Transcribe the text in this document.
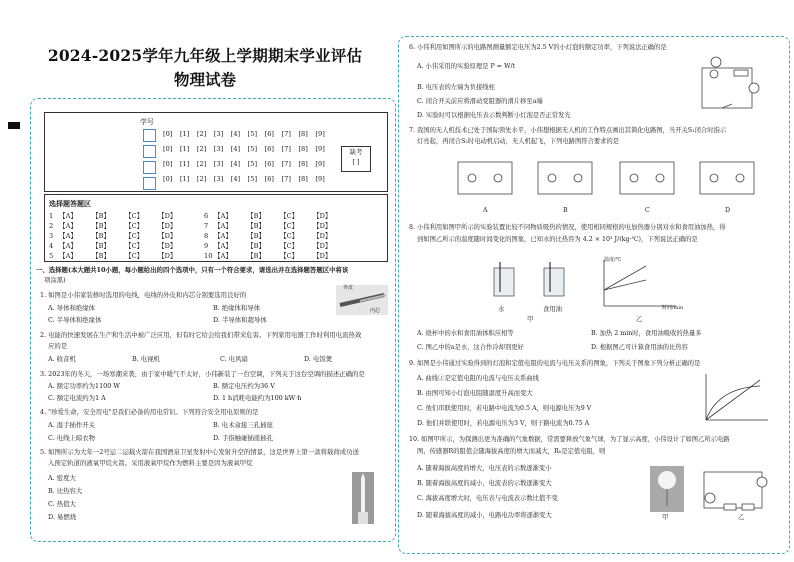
2024-2025学年九年级上学期期末学业评估
物理试卷
学号
[0] [1] [2] [3] [4] [5] [6] [7] [8] [9]
[0] [1] [2] [3] [4] [5] [6] [7] [8] [9]
[0] [1] [2] [3] [4] [5] [6] [7] [8] [9]
[0] [1] [2] [3] [4] [5] [6] [7] [8] [9]
缺考
[ ]
选择题答题区
1 【A】 【B】 【C】 【D】
2 【A】 【B】 【C】 【D】
3 【A】 【B】 【C】 【D】
4 【A】 【B】 【C】 【D】
5 【A】 【B】 【C】 【D】
6 【A】 【B】 【C】 【D】
7 【A】 【B】 【C】 【D】
8 【A】 【B】 【C】 【D】
9 【A】 【B】 【C】 【D】
10 【A】 【B】 【C】 【D】
一、选择题(本大题共10小题，每小题给出的四个选项中，只有一个符合要求，请选出并在选择题答题区中将该
项涂黑)
1. 如图是小伟家装修时选用的电线，电线的外皮和内芯分别要选用良好的
外皮
内芯
A. 导体和绝缘体	B. 绝缘体和导体
C. 半导体和绝缘体	D. 半导体和超导体
2. 电能的快速发展在生产和生活中被广泛应用，但有时它给会给我们带来危害。下列家用电器工作时利用电流热效
应的是
A. 收音机	B. 电视机	C. 电风扇	D. 电饭煲
3. 2023年的冬天，一场寒潮来袭，由于家中暖气不太好，小伟新装了一台空调，下列关于这台空调的描述正确的是
A. 额定功率约为1100 W	B. 额定电压约为36 V
C. 额定电流约为1 A	D. 1 h消耗电能约为100 kW·h
4. "珍爱生命，安全用电"是我们必备的用电常识。下列符合安全用电原则的是
A. 湿手插作开关	B. 电术盒接三孔插座
C. 电线上晾衣物	D. 手指触碰插座插孔
5. 如图所示为大年一2号运二运载火箭在我国酒泉卫星发射中心发射升空的情景，这是世界上第一款将载荷成功送
入预定轨道的液氧甲烷火箭。采用液氧甲烷作为燃料主要是因为液氧甲烷
A. 密度大
B. 比热容大
C. 热值大
D. 易燃烧
6. 小伟利用如图所示的电路图测量额定电压为2.5 V的小灯泡的额定功率，下列说法正确的是
A. 小伟采用的实验原理是 P = W/t
B. 电压表的左端为负接线柱
C. 闭合开关前应将滑动变阻器的滑片移至a端
D. 实验时可以根据电压表示数判断小灯泡是否正常发光
7. 我国的无人机技术已处于国际领先水平，小伟想根据无人机的工作特点画出其简化电路图，当开关S₁闭合时指示
灯亮起，再闭合S₂时电动机启动，无人机起飞，下列电路图符合要求的是
A	B	C	D
8. 小伟利用如图甲所示的实验装置比较不同物质吸热的情况，使用相同规格的电加热器分别对水和食用油加热，得
到如图乙所示的温度随时间变化的图象，已知水的比热容为 4.2 × 10³ J/(kg·℃)，下列说法正确的是
水	食用油
甲
温度/℃
时间/min
乙
A. 烧杯中的水和食用油体积应相等	B. 加热 2 min时，食用油吸收的热量多
C. 图乙中的a是水，这合作冷却剂更好	D. 根据图乙可计算食用油的比热容
9. 如图是小伟通过实验得到的灯泡和定值电阻的电流与电压关系的图象，下列关于图象下列分析正确的是
A. 曲线①是定值电阻的电流与电压关系曲线
B. 由图可知小灯泡电阻随温度升高而变大
C. 他们串联使用时，若电路中电流为0.5 A，则电源电压为9 V
D. 他们并联使用时，若电源电压为3 V，则干路电流为0.75 A
10. 如图甲所示，为探测出更为准确的气象数据，常需要释放气象气球，为了显示高度，小伟设计了如图乙所示电路
图，传感器R的阻值会随海拔高度的增大而减大，R₀是定值电阻，则
A. 随着海拔高度的增大，电压表的示数逐渐变小
B. 随着海拔高度的减小，电流表的示数逐渐变大
C. 海拔高度增大时，电压表与电流表示数比值不变
D. 随着海拔高度的减小，电路电功率将逐渐变大	甲	乙
